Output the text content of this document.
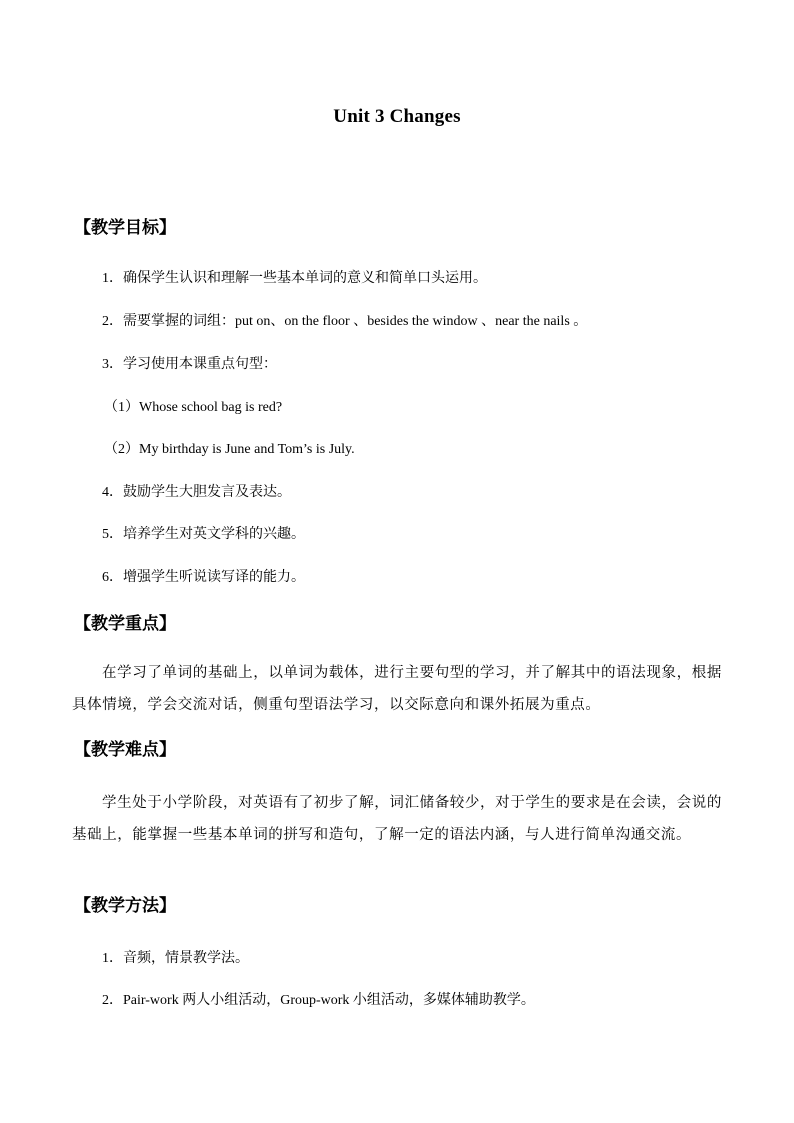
Unit 3 Changes
【教学目标】
1．确保学生认识和理解一些基本单词的意义和简单口头运用。
2．需要掌握的词组：put on、on the floor 、besides the window 、near the nails 。
3．学习使用本课重点句型：
（1）Whose school bag is red?
（2）My birthday is June and Tom’s is July.
4．鼓励学生大胆发言及表达。
5．培养学生对英文学科的兴趣。
6．增强学生听说读写译的能力。
【教学重点】
在学习了单词的基础上，以单词为载体，进行主要句型的学习，并了解其中的语法现象，根据具体情境，学会交流对话，侧重句型语法学习，以交际意向和课外拓展为重点。
【教学难点】
学生处于小学阶段，对英语有了初步了解，词汇储备较少，对于学生的要求是在会读，会说的基础上，能掌握一些基本单词的拼写和造句，了解一定的语法内涵，与人进行简单沟通交流。
【教学方法】
1．音频，情景教学法。
2．Pair-work 两人小组活动，Group-work 小组活动，多媒体辅助教学。
